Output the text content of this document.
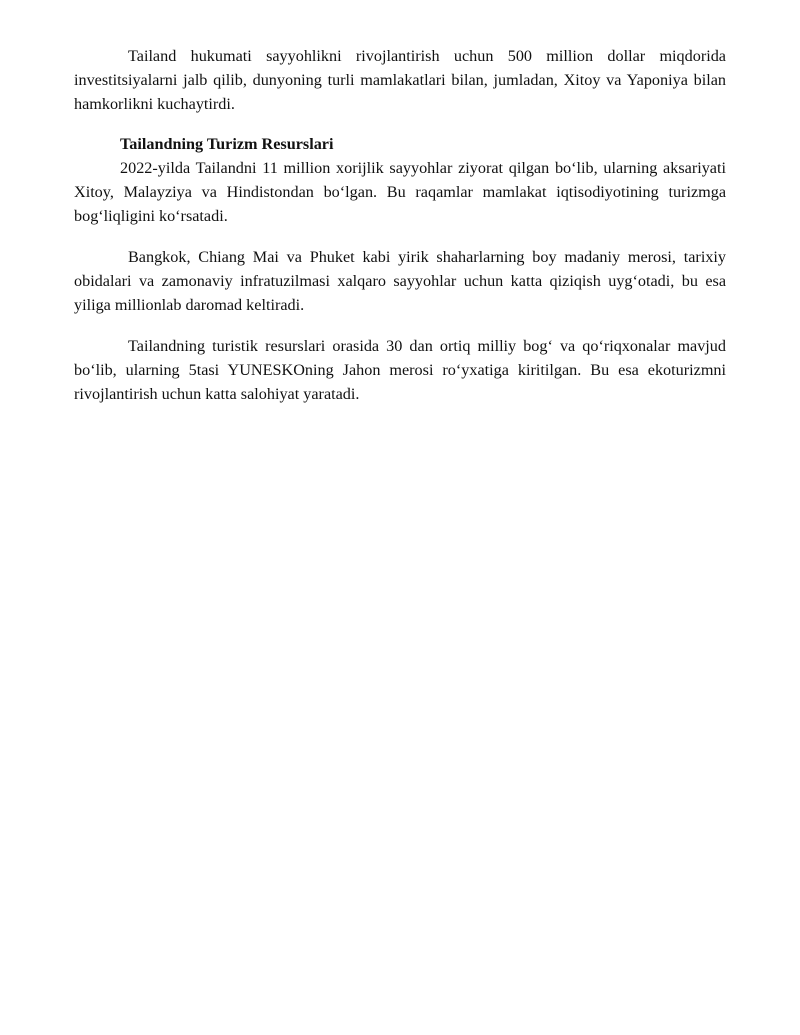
Tailand hukumati sayyohlikni rivojlantirish uchun 500 million dollar miqdorida investitsiyalarni jalb qilib, dunyoning turli mamlakatlari bilan, jumladan, Xitoy va Yaponiya bilan hamkorlikni kuchaytirdi.

Tailandning Turizm Resurslari

2022-yilda Tailandni 11 million xorijlik sayyohlar ziyorat qilgan bo‘lib, ularning aksariyati Xitoy, Malayziya va Hindistondan bo‘lgan. Bu raqamlar mamlakat iqtisodiyotining turizmga bog‘liqligini ko‘rsatadi.

Bangkok, Chiang Mai va Phuket kabi yirik shaharlarning boy madaniy merosi, tarixiy obidalari va zamonaviy infratuzilmasi xalqaro sayyohlar uchun katta qiziqish uyg‘otadi, bu esa yiliga millionlab daromad keltiradi.

Tailandning turistik resurslari orasida 30 dan ortiq milliy bog‘ va qo‘riqxonalar mavjud bo‘lib, ularning 5tasi YUNESKOning Jahon merosi ro‘yxatiga kiritilgan. Bu esa ekoturizmni rivojlantirish uchun katta salohiyat yaratadi.
